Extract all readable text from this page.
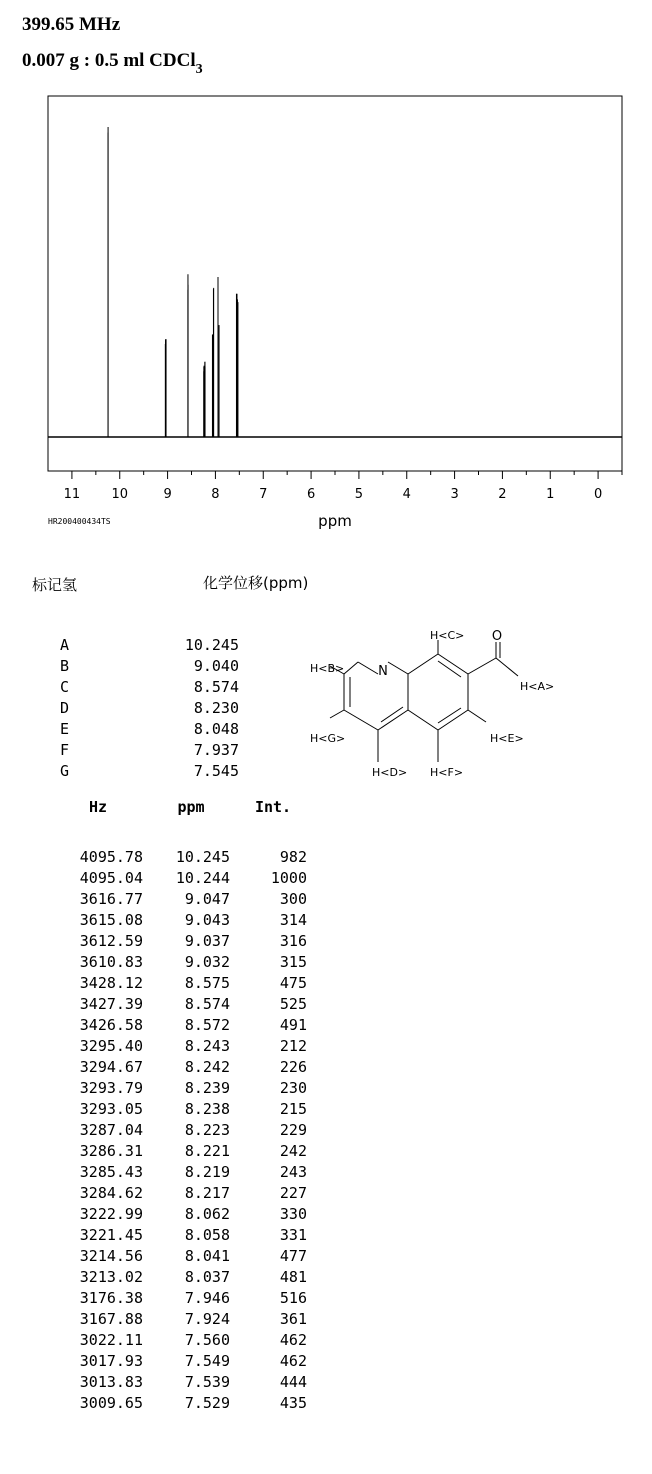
399.65 MHz
0.007 g : 0.5 ml CDCl$_3$
11 10	9	8	7	6	5	4	3	2	1	0
ppm
HR200400434TS
标记氢	化学位移(ppm)
A	10.245
B	9.040
C	8.574
D	8.230
E	8.048
F	7.937
G	7.545
N
O
H<A>
H<B>
H<C>
H<D>
H<E>
H<F>
H<G>
Hz	ppm	Int.
4095.78	10.245	982
4095.04	10.244	1000
3616.77	9.047	300
3615.08	9.043	314
3612.59	9.037	316
3610.83	9.032	315
3428.12	8.575	475
3427.39	8.574	525
3426.58	8.572	491
3295.40	8.243	212
3294.67	8.242	226
3293.79	8.239	230
3293.05	8.238	215
3287.04	8.223	229
3286.31	8.221	242
3285.43	8.219	243
3284.62	8.217	227
3222.99	8.062	330
3221.45	8.058	331
3214.56	8.041	477
3213.02	8.037	481
3176.38	7.946	516
3167.88	7.924	361
3022.11	7.560	462
3017.93	7.549	462
3013.83	7.539	444
3009.65	7.529	435
